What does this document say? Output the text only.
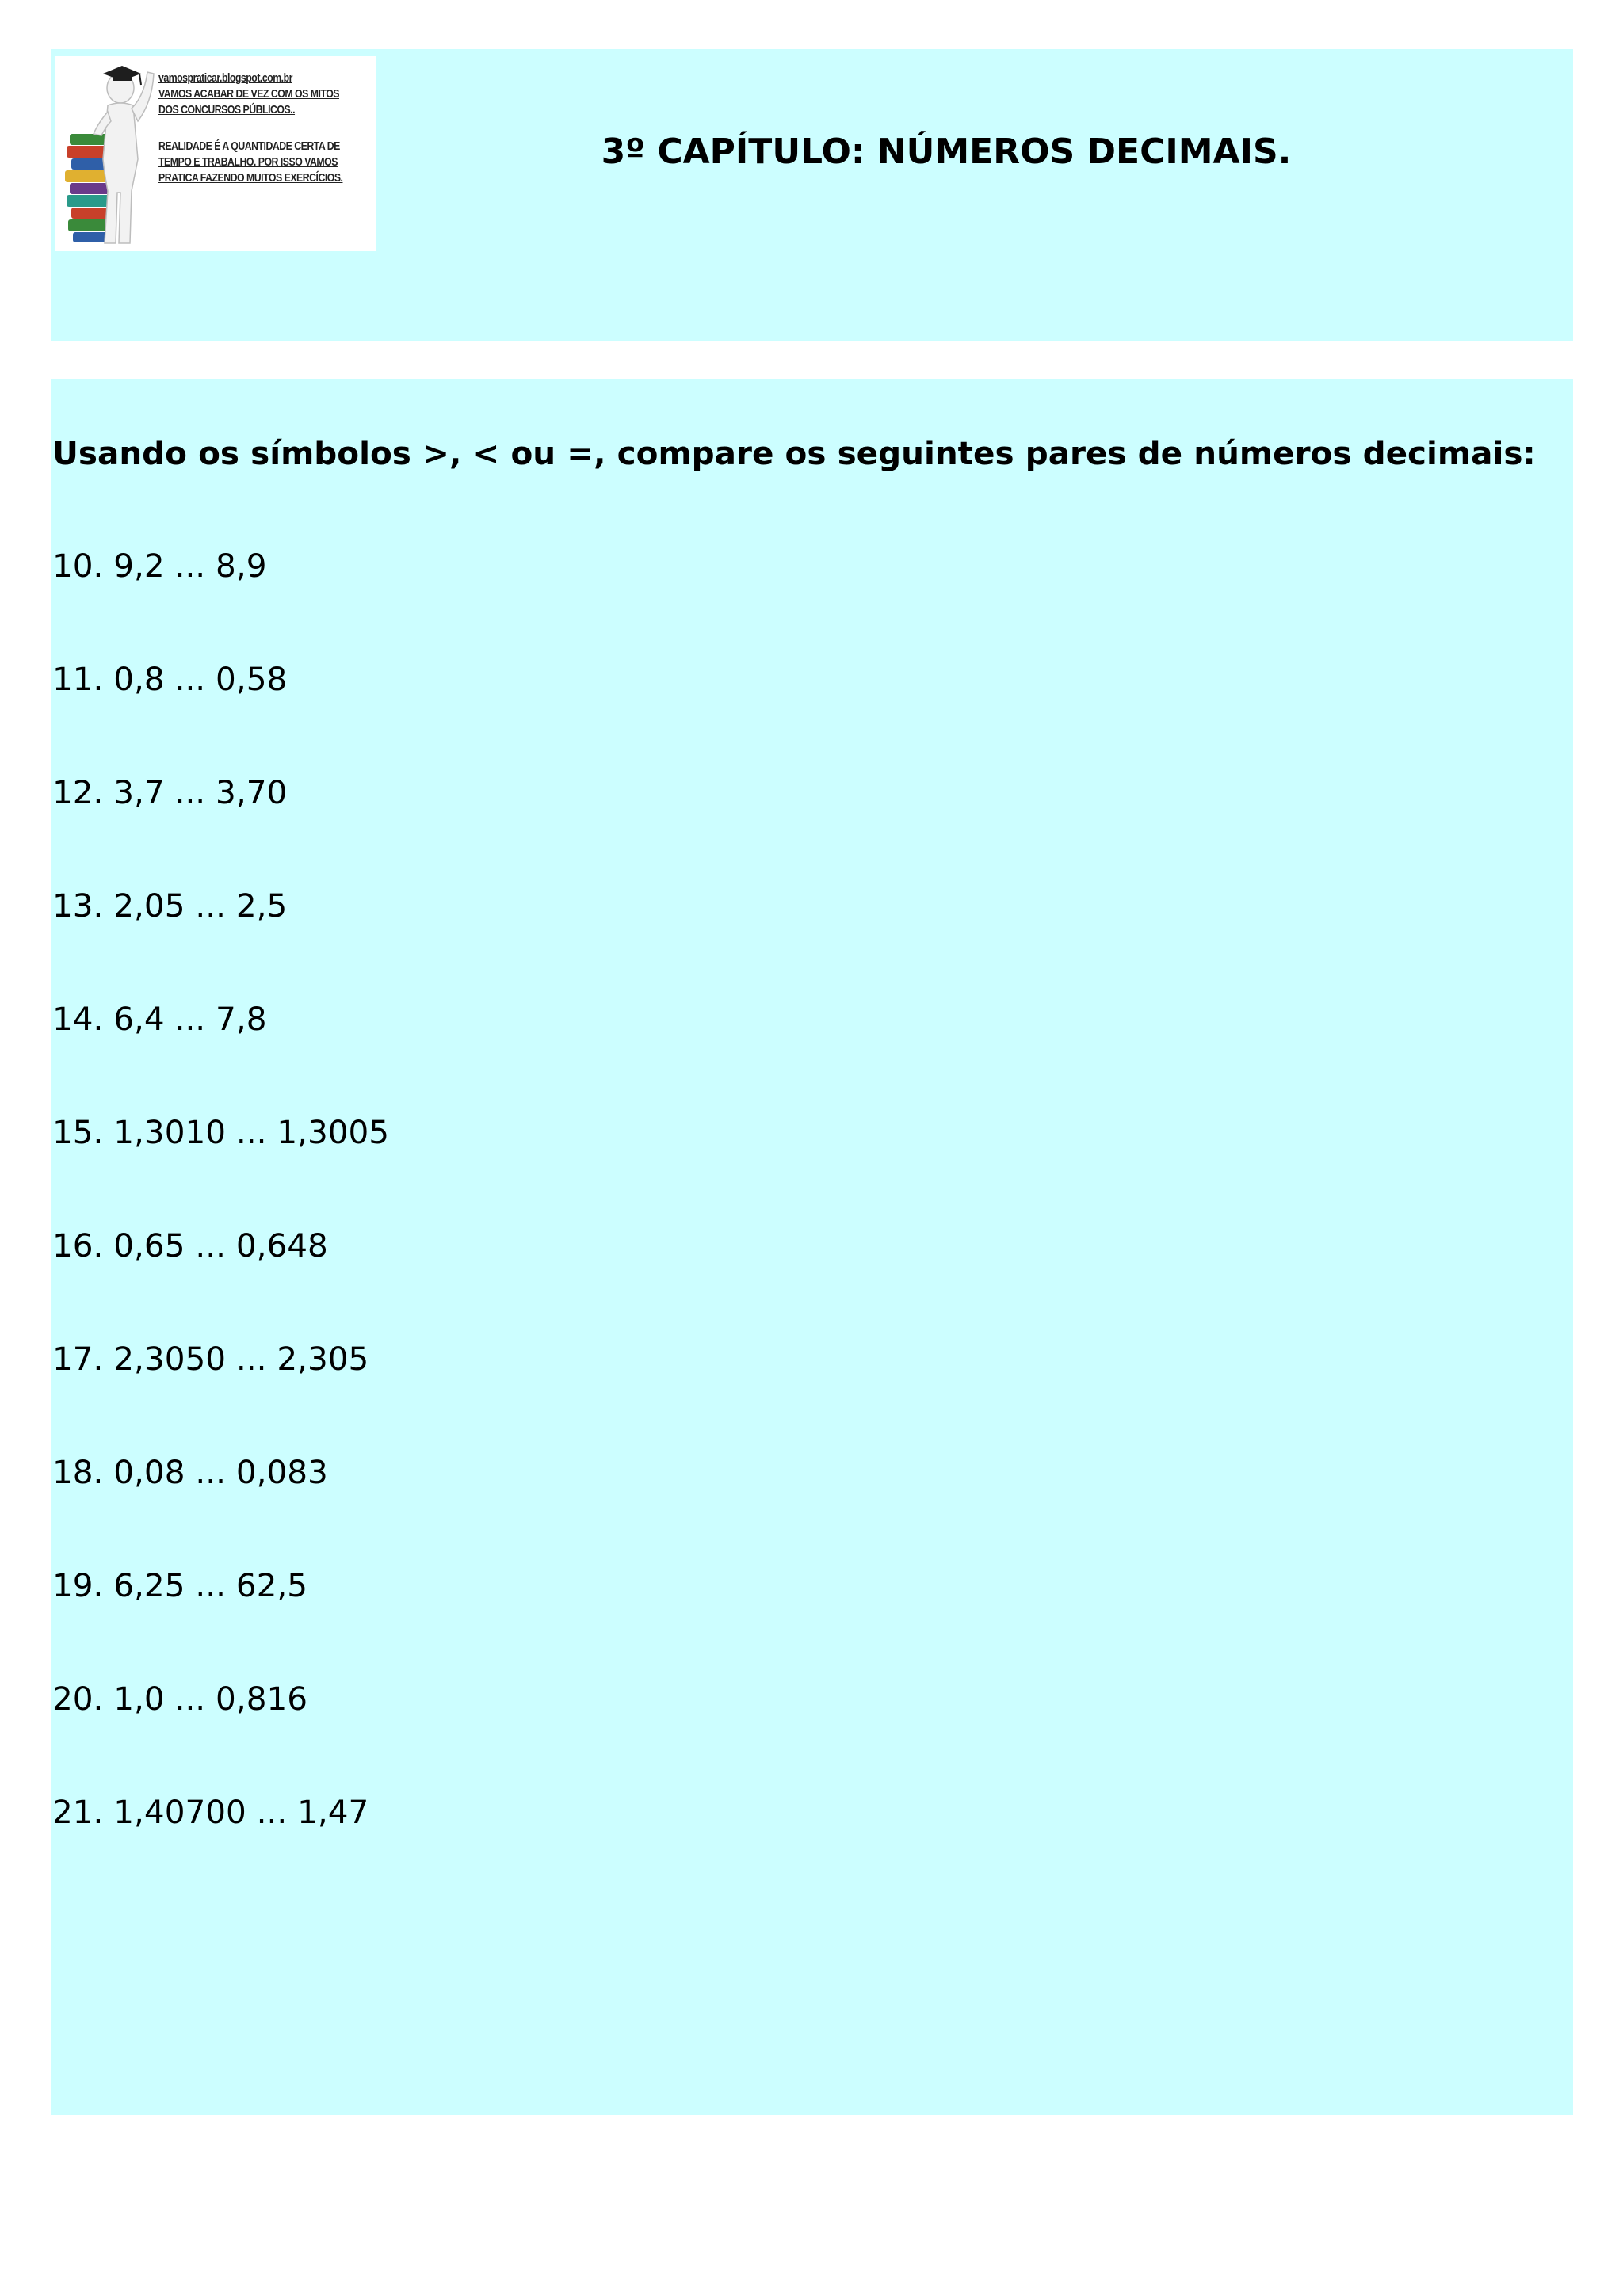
vamospraticar.blogspot.com.br
VAMOS ACABAR DE VEZ COM OS MITOS
DOS CONCURSOS PÚBLICOS..
REALIDADE É A QUANTIDADE CERTA DE
TEMPO E TRABALHO. POR ISSO VAMOS
PRATICA FAZENDO MUITOS EXERCÍCIOS.
3º CAPÍTULO: NÚMEROS DECIMAIS.
Usando os símbolos >, < ou =, compare os seguintes pares de números decimais:
10. 9,2 ... 8,9
11. 0,8 ... 0,58
12. 3,7 ... 3,70
13. 2,05 ... 2,5
14. 6,4 ... 7,8
15. 1,3010 ... 1,3005
16. 0,65 ... 0,648
17. 2,3050 ... 2,305
18. 0,08 ... 0,083
19. 6,25 ... 62,5
20. 1,0 ... 0,816
21. 1,40700 ... 1,47
